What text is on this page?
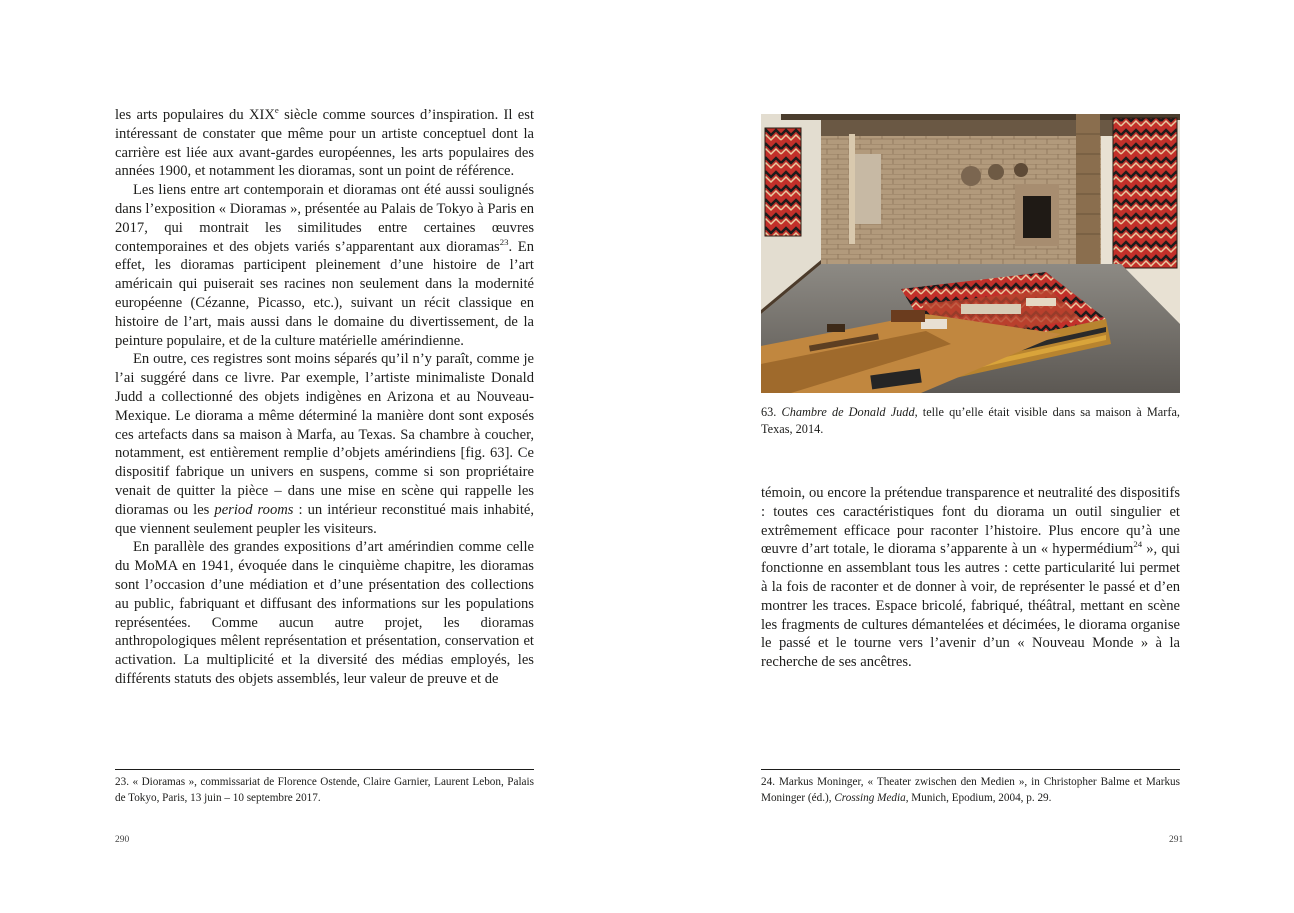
les arts populaires du XIXe siècle comme sources d’inspiration. Il est intéressant de constater que même pour un artiste conceptuel dont la carrière est liée aux avant-gardes européennes, les arts populaires des années 1900, et notamment les dioramas, sont un point de référence.

Les liens entre art contemporain et dioramas ont été aussi soulignés dans l’exposition « Dioramas », présentée au Palais de Tokyo à Paris en 2017, qui montrait les similitudes entre certaines œuvres contemporaines et des objets variés s’apparentant aux dioramas$^{23}$. En effet, les dioramas participent pleinement d’une histoire de l’art américain qui puiserait ses racines non seulement dans la modernité européenne (Cézanne, Picasso, etc.), suivant un récit classique en histoire de l’art, mais aussi dans le domaine du divertissement, de la peinture populaire, et de la culture matérielle amérindienne.

En outre, ces registres sont moins séparés qu’il n’y paraît, comme je l’ai suggéré dans ce livre. Par exemple, l’artiste minimaliste Donald Judd a collectionné des objets indigènes en Arizona et au Nouveau-Mexique. Le diorama a même déterminé la manière dont sont exposés ces artefacts dans sa maison à Marfa, au Texas. Sa chambre à coucher, notamment, est entièrement remplie d’objets amérindiens [fig. 63]. Ce dispositif fabrique un univers en suspens, comme si son propriétaire venait de quitter la pièce – dans une mise en scène qui rappelle les dioramas ou les period rooms : un intérieur reconstitué mais inhabité, que viennent seulement peupler les visiteurs.

En parallèle des grandes expositions d’art amérindien comme celle du MoMA en 1941, évoquée dans le cinquième chapitre, les dioramas sont l’occasion d’une médiation et d’une présentation des collections au public, fabriquant et diffusant des informations sur les populations représentées. Comme aucun autre projet, les dioramas anthropologiques mêlent représentation et présentation, conservation et activation. La multiplicité et la diversité des médias employés, les différents statuts des objets assemblés, leur valeur de preuve et de

23. « Dioramas », commissariat de Florence Ostende, Claire Garnier, Laurent Lebon, Palais de Tokyo, Paris, 13 juin – 10 septembre 2017.
290
63. Chambre de Donald Judd, telle qu’elle était visible dans sa maison à Marfa, Texas, 2014.

témoin, ou encore la prétendue transparence et neutralité des dispositifs : toutes ces caractéristiques font du diorama un outil singulier et extrêmement efficace pour raconter l’histoire. Plus encore qu’à une œuvre d’art totale, le diorama s’apparente à un « hypermédium$^{24}$ », qui fonctionne en assemblant tous les autres : cette particularité lui permet à la fois de raconter et de donner à voir, de représenter le passé et d’en montrer les traces. Espace bricolé, fabriqué, théâtral, mettant en scène les fragments de cultures démantelées et décimées, le diorama organise le passé et le tourne vers l’avenir d’un « Nouveau Monde » à la recherche de ses ancêtres.

24. Markus Moninger, « Theater zwischen den Medien », in Christopher Balme et Markus Moninger (éd.), Crossing Media, Munich, Epodium, 2004, p. 29.
291
